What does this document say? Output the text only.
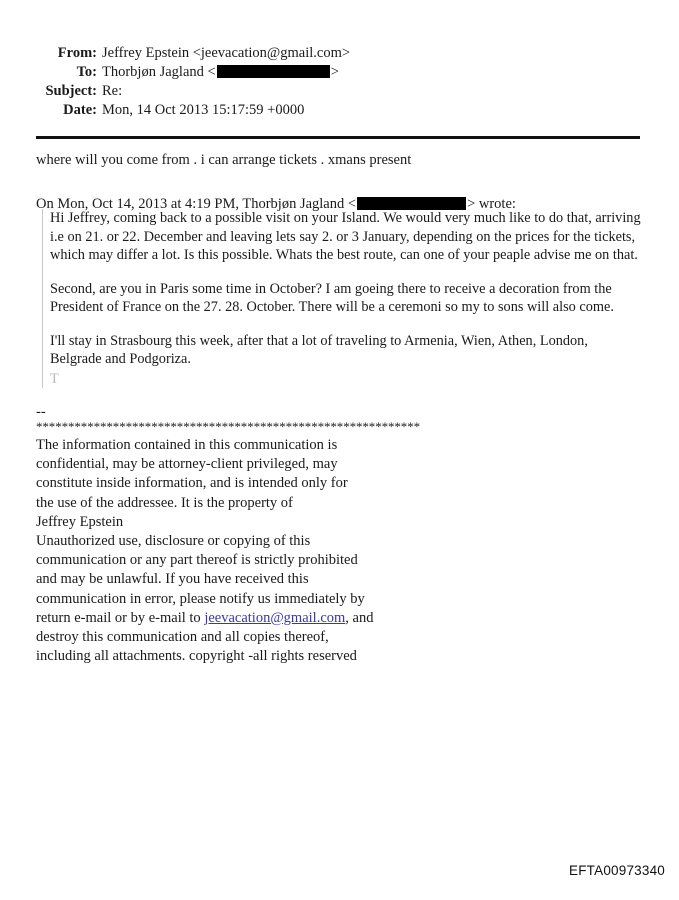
From: Jeffrey Epstein <jeevacation@gmail.com>
To: Thorbjøn Jagland <	>
Subject: Re:
Date: Mon, 14 Oct 2013 15:17:59 +0000
where will you come from . i can arrange tickets . xmans present
On Mon, Oct 14, 2013 at 4:19 PM, Thorbjøn Jagland <	> wrote:

Hi Jeffrey, coming back to a possible visit on your Island. We would very much like to do that, arriving i.e on 21. or 22. December and leaving lets say 2. or 3 January, depending on the prices for the tickets, which may differ a lot. Is this possible. Whats the best route, can one of your peaple advise me on that.

Second, are you in Paris some time in October? I am goeing there to receive a decoration from the President of France on the 27. 28. October. There will be a ceremoni so my to sons will also come.

I'll stay in Strasbourg this week, after that a lot of traveling to Armenia, Wien, Athen, London, Belgrade and Podgoriza.

T
--
************************************************************
The information contained in this communication is
confidential, may be attorney-client privileged, may
constitute inside information, and is intended only for
the use of the addressee. It is the property of
Jeffrey Epstein
Unauthorized use, disclosure or copying of this
communication or any part thereof is strictly prohibited
and may be unlawful. If you have received this
communication in error, please notify us immediately by
return e-mail or by e-mail to jeevacation@gmail.com, and
destroy this communication and all copies thereof,
including all attachments. copyright -all rights reserved
EFTA00973340
